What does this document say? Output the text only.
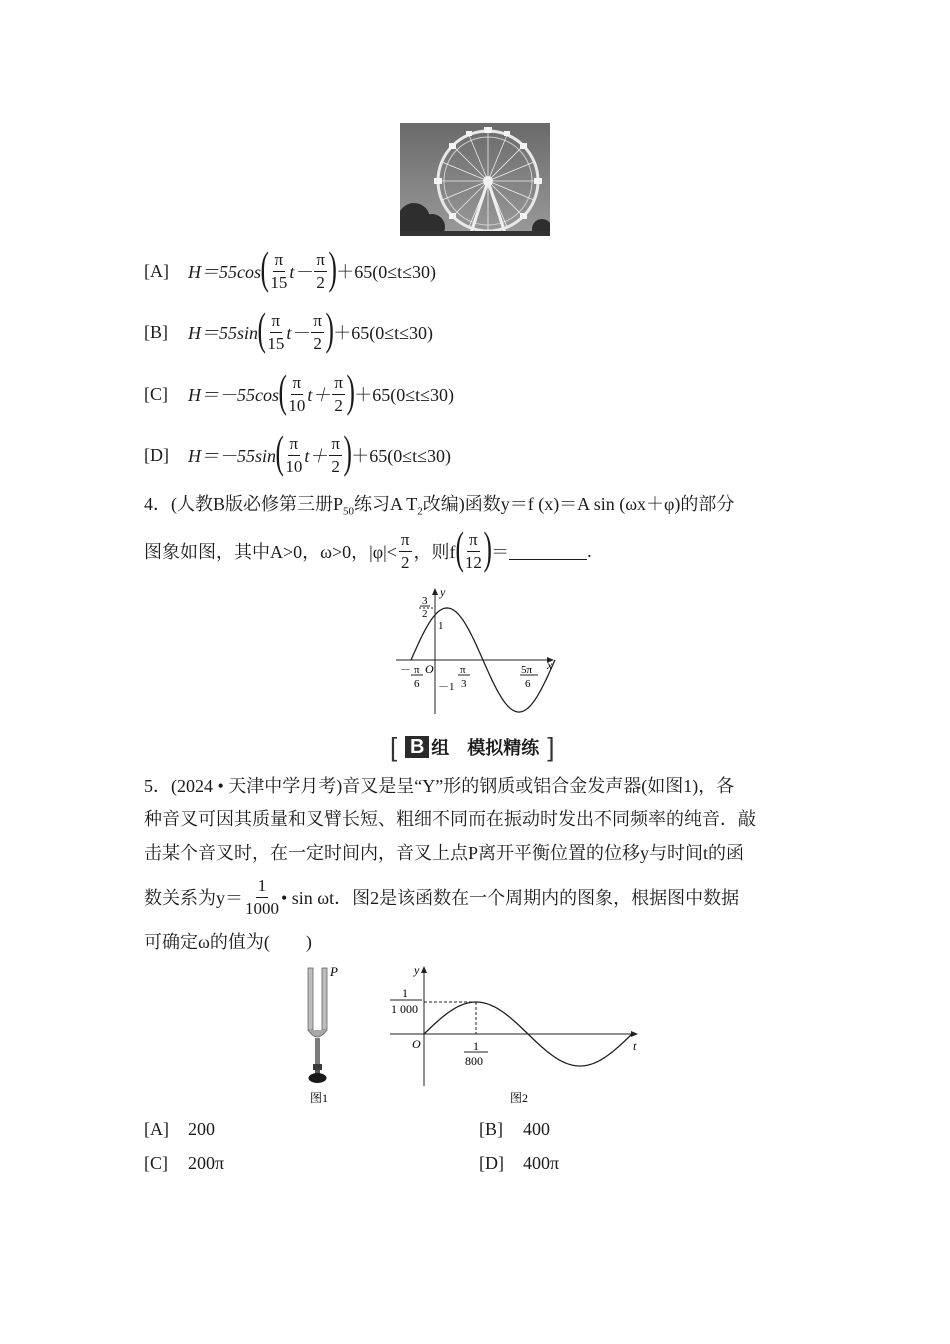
[A]	H＝55cos ( $\frac{\pi}{15} t- \frac{\pi}{2}$ ) ＋65(0≤t≤30)
[B]	H＝55sin ( $\frac{\pi}{15} t- \frac{\pi}{2}$ ) ＋65(0≤t≤30)
[C]	H＝－55cos ( $\frac{\pi}{10} t+ \frac{\pi}{2}$ ) ＋65(0≤t≤30)
[D]	H＝－55sin ( $\frac{\pi}{10} t+ \frac{\pi}{2}$ ) ＋65(0≤t≤30)
4．(人教B版必修第三册$P_{50}$练习A $T_2$改编)函数y＝f (x)＝A sin (ωx＋φ)的部分
图象如图，其中A>0，ω>0，$|\varphi|< \frac{\pi}{2}$ ，则f ( $\frac{\pi}{12}$ ) ＝	.
y
x
O
3
2
1
－1
－ π
6
π
3
5π
6
[ B 组　模拟精练 ]
5．(2024 • 天津中学月考)音叉是呈“Y”形的钢质或铝合金发声器(如图1)，各
种音叉可因其质量和叉臂长短、粗细不同而在振动时发出不同频率的纯音．敲
击某个音叉时，在一定时间内，音叉上点P离开平衡位置的位移y与时间t的函
数关系为$y= \frac{1}{1000}$ • sin ωt．图2是该函数在一个周期内的图象，根据图中数据
可确定ω的值为(　　)
P
图1
y
t
O
1
1 000
1
800
图2
[A]	200	[B]	400
[C]	200π	[D]	400π
